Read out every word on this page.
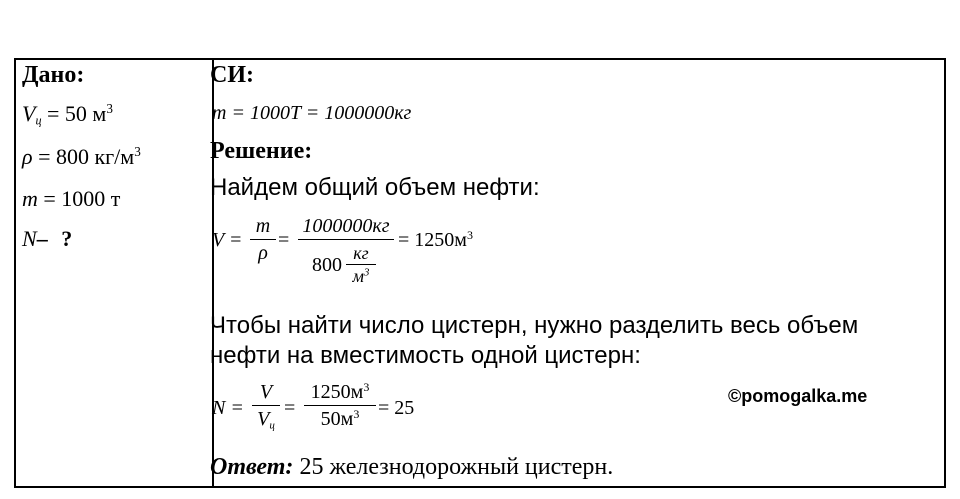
Дано:
$V_ц = 50$ $м^3$
ρ = 800 $кг/м^3$
m = 1000 т
N– ?
СИ:
m = 1000T = 1000000кг
Решение:
Найдем общий объем нефти:
V =
m
ρ
=
1000000кг
800
кг
$м^3$
= $1250м^3$
Чтобы найти число цистерн, нужно разделить весь объем
нефти на вместимость одной цистерн:
N =
V
$V_ц$
=
$1250м^3$
$50м^3 = 25$
©pomogalka.me
Ответ: 25 железнодорожный цистерн.
